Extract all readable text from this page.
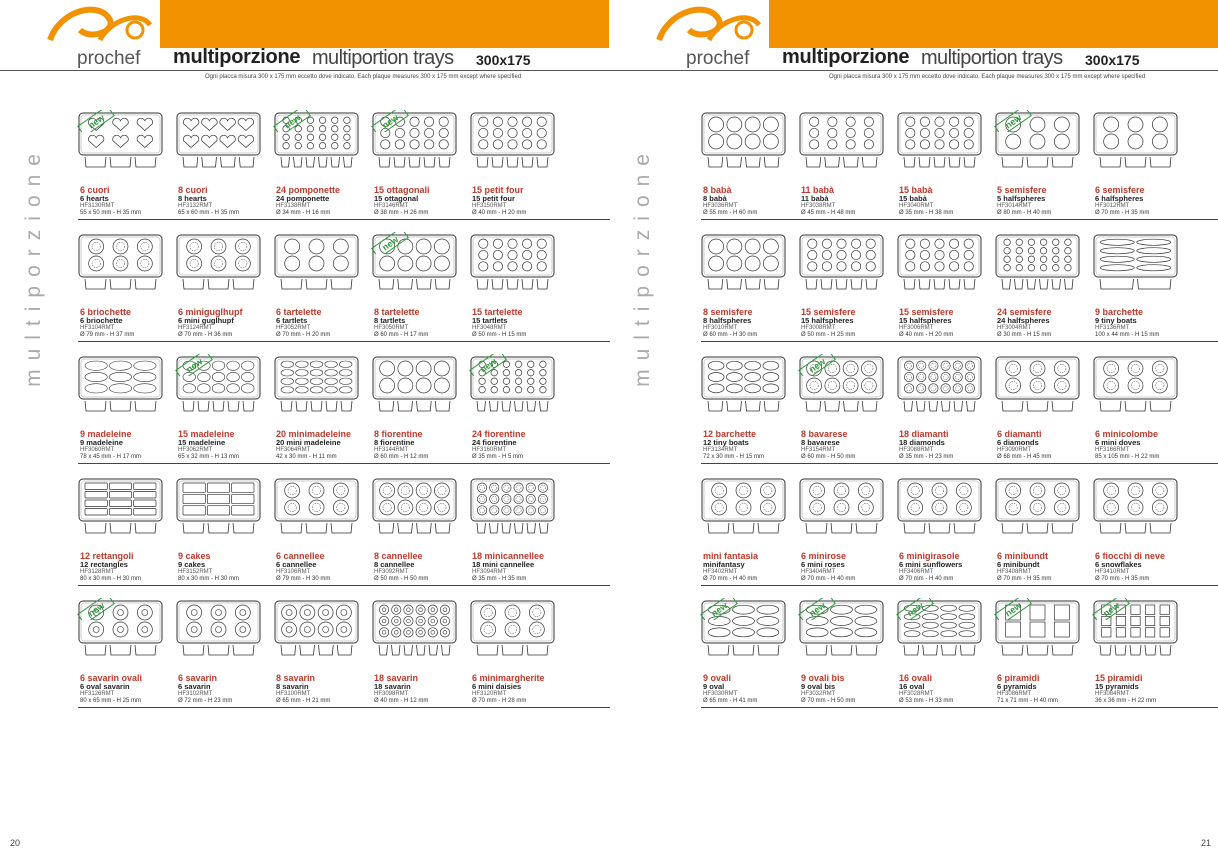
prochef multiporzione multiportion trays 300x175
Ogni placca misura 300 x 175 mm eccetto dove indicato. Each plaque measures 300 x 175 mm except where specified
multiporzione
new
6 cuori
6 hearts
HF3130RMT
55 x 50 mm - H 35 mm
8 cuori
8 hearts
HF3132RMT
65 x 60 mm - H 35 mm
new
24 pomponette
24 pomponette
HF3138RMT
Ø 34 mm - H 16 mm
new
15 ottagonali
15 ottagonal
HF3146RMT
Ø 38 mm - H 26 mm
15 petit four
15 petit four
HF3150RMT
Ø 40 mm - H 20 mm
6 briochette
6 briochette
HF3104RMT
Ø 79 mm - H 37 mm
6 miniguglhupf
6 mini guglhupf
HF3124RMT
Ø 70 mm - H 36 mm
6 tartelette
6 tartlets
HF3052RMT
Ø 70 mm - H 20 mm
new
8 tartelette
8 tartlets
HF3050RMT
Ø 60 mm - H 17 mm
15 tartelette
15 tartlets
HF3048RMT
Ø 50 mm - H 15 mm
9 madeleine
9 madeleine
HF3060RMT
78 x 45 mm - H 17 mm
new
15 madeleine
15 madeleine
HF3062RMT
65 x 32 mm - H 13 mm
20 minimadeleine
20 mini madeleine
HF3064RMT
42 x 30 mm - H 11 mm
8 fiorentine
8 fiorentine
HF3144RMT
Ø 60 mm - H 12 mm
new
24 fiorentine
24 fiorentine
HF3160RMT
Ø 35 mm - H 5 mm
12 rettangoli
12 rectangles
HF3128RMT
80 x 30 mm - H 30 mm
9 cakes
9 cakes
HF3152RMT
80 x 30 mm - H 30 mm
6 cannellee
6 cannellee
HF3106RMT
Ø 79 mm - H 30 mm
8 cannellee
8 cannellee
HF3092RMT
Ø 50 mm - H 50 mm
18 minicannellee
18 mini cannellee
HF3094RMT
Ø 35 mm - H 35 mm
new
6 savarin ovali
6 oval savarin
HF3126RMT
80 x 65 mm - H 25 mm
6 savarin
6 savarin
HF3102RMT
Ø 72 mm - H 23 mm
8 savarin
8 savarin
HF3100RMT
Ø 65 mm - H 21 mm
18 savarin
18 savarin
HF3098RMT
Ø 40 mm - H 12 mm
6 minimargherite
6 mini daisies
HF3120RMT
Ø 70 mm - H 28 mm
20
prochef multiporzione multiportion trays 300x175
Ogni placca misura 300 x 175 mm eccetto dove indicato. Each plaque measures 300 x 175 mm except where specified
multiporzione	8 babà
8 babà
HF3036RMT
Ø 55 mm - H 60 mm
11 babà
11 babà
HF3038RMT
Ø 45 mm - H 48 mm
15 babà
15 babà
HF3040RMT
Ø 35 mm - H 38 mm
new
5 semisfere
5 halfspheres
HF3014RMT
Ø 80 mm - H 40 mm
6 semisfere
6 halfspheres
HF3012RMT
Ø 70 mm - H 35 mm
8 semisfere
8 halfspheres
HF3010RMT
Ø 60 mm - H 30 mm
15 semisfere
15 halfspheres
HF3008RMT
Ø 50 mm - H 25 mm
15 semisfere
15 halfspheres
HF3006RMT
Ø 40 mm - H 20 mm
24 semisfere
24 halfspheres
HF3004RMT
Ø 30 mm - H 15 mm
9 barchette
9 tiny boats
HF3136RMT
100 x 44 mm - H 15 mm
12 barchette
12 tiny boats
HF3134RMT
72 x 30 mm - H 15 mm
new
8 bavarese
8 bavarese
HF3154RMT
Ø 60 mm - H 50 mm
18 diamanti
18 diamonds
HF3088RMT
Ø 35 mm - H 23 mm
6 diamanti
6 diamonds
HF3090RMT
Ø 68 mm - H 45 mm
6 minicolombe
6 mini doves
HF3166RMT
85 x 105 mm - H 22 mm
mini fantasia
minifantasy
HF3402RMT
Ø 70 mm - H 40 mm
6 minirose
6 mini roses
HF3404RMT
Ø 70 mm - H 40 mm
6 minigirasole
6 mini sunflowers
HF3406RMT
Ø 70 mm - H 40 mm
6 minibundt
6 minibundt
HF3408RMT
Ø 70 mm - H 35 mm
6 fiocchi di neve
6 snowflakes
HF3410RMT
Ø 70 mm - H 35 mm
new
9 ovali
9 oval
HF3030RMT
Ø 65 mm - H 41 mm
new
9 ovali bis
9 oval bis
HF3032RMT
Ø 70 mm - H 50 mm
new
16 ovali
16 oval
HF3028RMT
Ø 53 mm - H 33 mm
new
6 piramidi
6 pyramids
HF3086RMT
71 x 71 mm - H 40 mm
new
15 piramidi
15 pyramids
HF3084RMT
36 x 36 mm - H 22 mm
21
